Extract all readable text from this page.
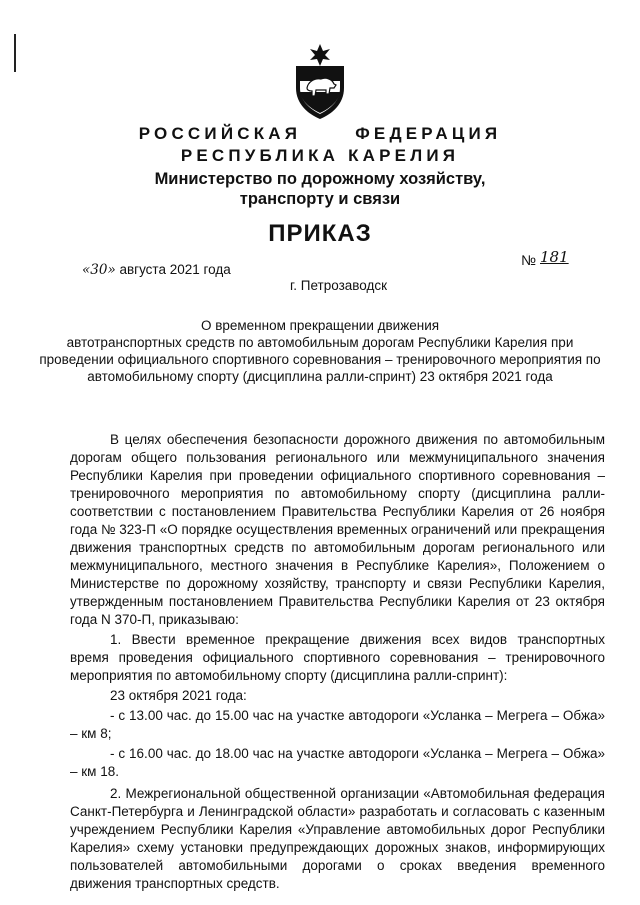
РОССИЙСКАЯ	ФЕДЕРАЦИЯ
РЕСПУБЛИКА КАРЕЛИЯ
Министерство по дорожному хозяйству,
транспорту и связи
ПРИКАЗ
«30» августа 2021 года
№ 181
г. Петрозаводск
О временном прекращении движения
автотранспортных средств по автомобильным дорогам Республики Карелия при
проведении официального спортивного соревнования – тренировочного мероприятия по
автомобильному спорту (дисциплина ралли-спринт) 23 октября 2021 года
В целях обеспечения безопасности дорожного движения по автомобильным
дорогам общего пользования регионального или межмуниципального значения
Республики Карелия при проведении официального спортивного соревнования –
тренировочного мероприятия по автомобильному спорту (дисциплина ралли-
соответствии с постановлением Правительства Республики Карелия от 26 ноября
года № 323-П «О порядке осуществления временных ограничений или прекращения
движения транспортных средств по автомобильным дорогам регионального или
межмуниципального, местного значения в Республике Карелия», Положением о
Министерстве по дорожному хозяйству, транспорту и связи Республики Карелия,
утвержденным постановлением Правительства Республики Карелия от 23 октября
года N 370-П, приказываю:
1. Ввести временное прекращение движения всех видов транспортных
время проведения официального спортивного соревнования – тренировочного
мероприятия по автомобильному спорту (дисциплина ралли-спринт):
23 октября 2021 года:
- с 13.00 час. до 15.00 час на участке автодороги «Усланка – Мегрега – Обжа»
– км 8;
- с 16.00 час. до 18.00 час на участке автодороги «Усланка – Мегрега – Обжа»
– км 18.
2. Межрегиональной общественной организации «Автомобильная федерация
Санкт-Петербурга и Ленинградской области» разработать и согласовать с казенным
учреждением Республики Карелия «Управление автомобильных дорог Республики
Карелия» схему установки предупреждающих дорожных знаков, информирующих
пользователей автомобильными дорогами о сроках введения временного
движения транспортных средств.
